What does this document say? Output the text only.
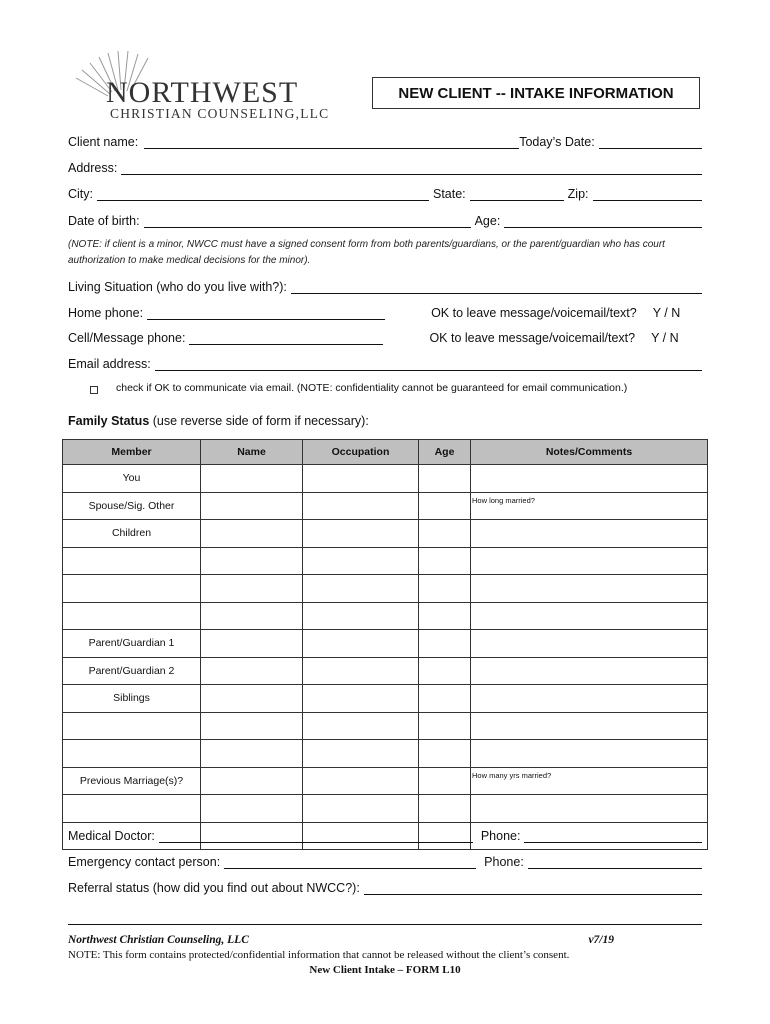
NORTHWEST
CHRISTIAN COUNSELING,LLC
NEW CLIENT -- INTAKE INFORMATION
Client name:	Today’s Date:
Address:
City:	State:	Zip:
Date of birth:	Age:
(NOTE: if client is a minor, NWCC must have a signed consent form from both parents/guardians, or the parent/guardian who has court authorization to make medical decisions for the minor).
Living Situation (who do you live with?):
Home phone:	OK to leave message/voicemail/text? Y / N
Cell/Message phone:	OK to leave message/voicemail/text? Y / N
Email address:
check if OK to communicate via email. (NOTE: confidentiality cannot be guaranteed for email communication.)
Family Status (use reverse side of form if necessary):
Member	Name	Occupation	Age	Notes/Comments
You				
Spouse/Sig. Other				How long married?
Children				

Parent/Guardian 1				
Parent/Guardian 2				
Siblings				

Previous Marriage(s)?				How many yrs married?

Medical Doctor:	Phone:
Emergency contact person:	Phone:
Referral status (how did you find out about NWCC?):
Northwest Christian Counseling, LLC	v7/19
NOTE: This form contains protected/confidential information that cannot be released without the client’s consent.
New Client Intake – FORM L10
